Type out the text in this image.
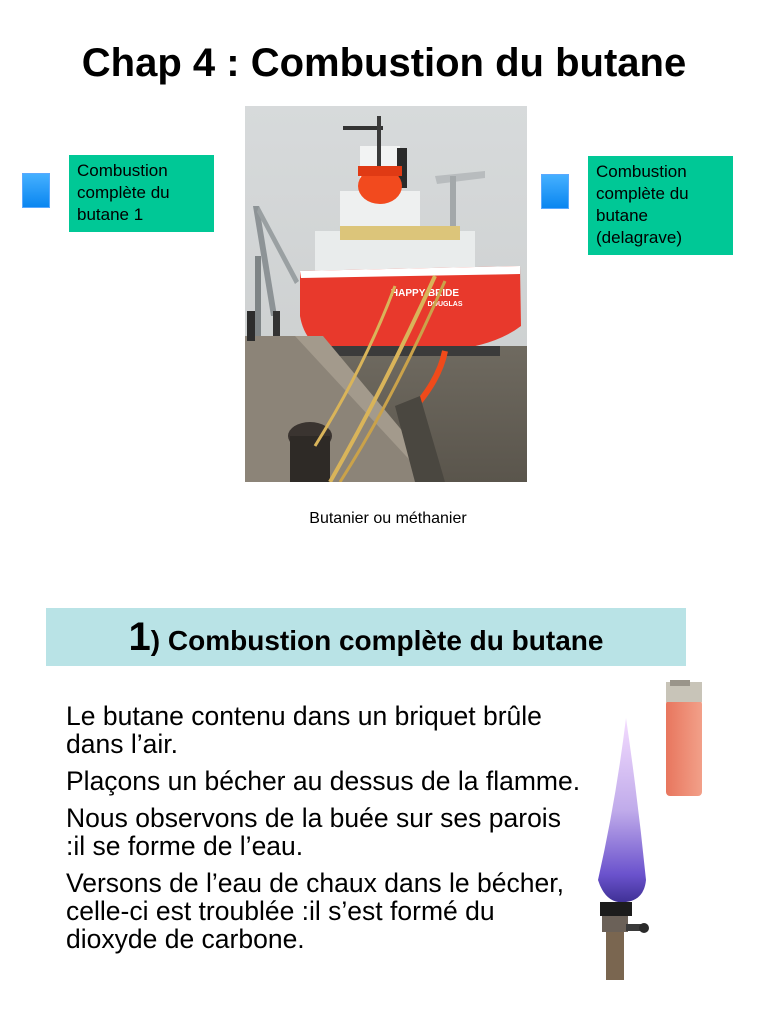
Chap 4 : Combustion du butane
Combustion complète du butane 1
Combustion complète du butane (delagrave)
HAPPY BRIDE
DOUGLAS
Butanier ou méthanier
1) Combustion complète du butane

Le butane contenu dans un briquet brûle dans l’air.

Plaçons un bécher au dessus de la flamme.

Nous observons de la buée sur ses parois :il se forme de l’eau.

Versons de l’eau de chaux dans le bécher, celle-ci est troublée :il s’est formé du dioxyde de carbone.
